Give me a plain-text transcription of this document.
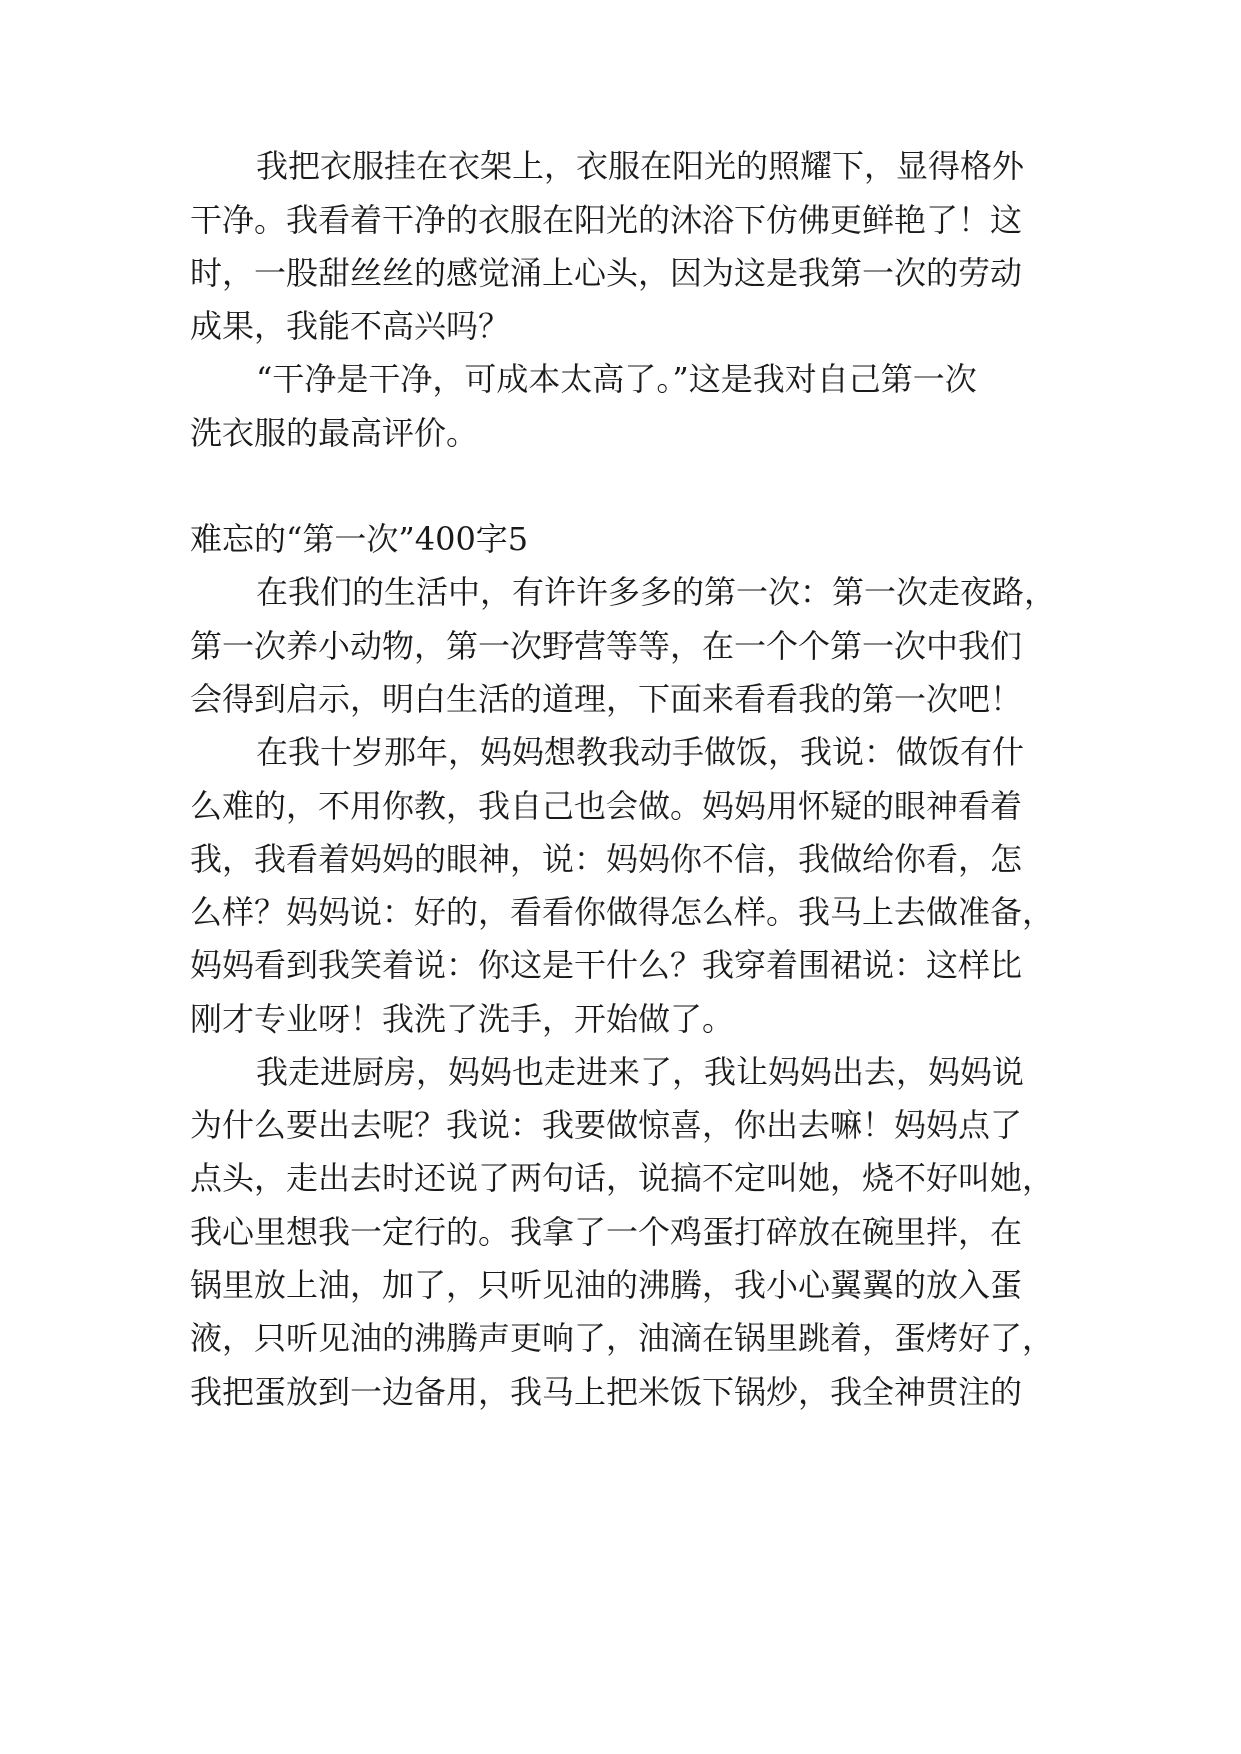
我把衣服挂在衣架上，衣服在阳光的照耀下，显得格外
干净。我看着干净的衣服在阳光的沐浴下仿佛更鲜艳了！这
时，一股甜丝丝的感觉涌上心头，因为这是我第一次的劳动
成果，我能不高兴吗？
“干净是干净，可成本太高了。”这是我对自己第一次
洗衣服的最高评价。
难忘的“第一次”400字5
在我们的生活中，有许许多多的第一次：第一次走夜路，
第一次养小动物，第一次野营等等，在一个个第一次中我们
会得到启示，明白生活的道理，下面来看看我的第一次吧！
在我十岁那年，妈妈想教我动手做饭，我说：做饭有什
么难的，不用你教，我自己也会做。妈妈用怀疑的眼神看着
我，我看着妈妈的眼神，说：妈妈你不信，我做给你看，怎
么样？妈妈说：好的，看看你做得怎么样。我马上去做准备，
妈妈看到我笑着说：你这是干什么？我穿着围裙说：这样比
刚才专业呀！我洗了洗手，开始做了。
我走进厨房，妈妈也走进来了，我让妈妈出去，妈妈说
为什么要出去呢？我说：我要做惊喜，你出去嘛！妈妈点了
点头，走出去时还说了两句话，说搞不定叫她，烧不好叫她，
我心里想我一定行的。我拿了一个鸡蛋打碎放在碗里拌，在
锅里放上油，加了，只听见油的沸腾，我小心翼翼的放入蛋
液，只听见油的沸腾声更响了，油滴在锅里跳着，蛋烤好了，
我把蛋放到一边备用，我马上把米饭下锅炒，我全神贯注的
